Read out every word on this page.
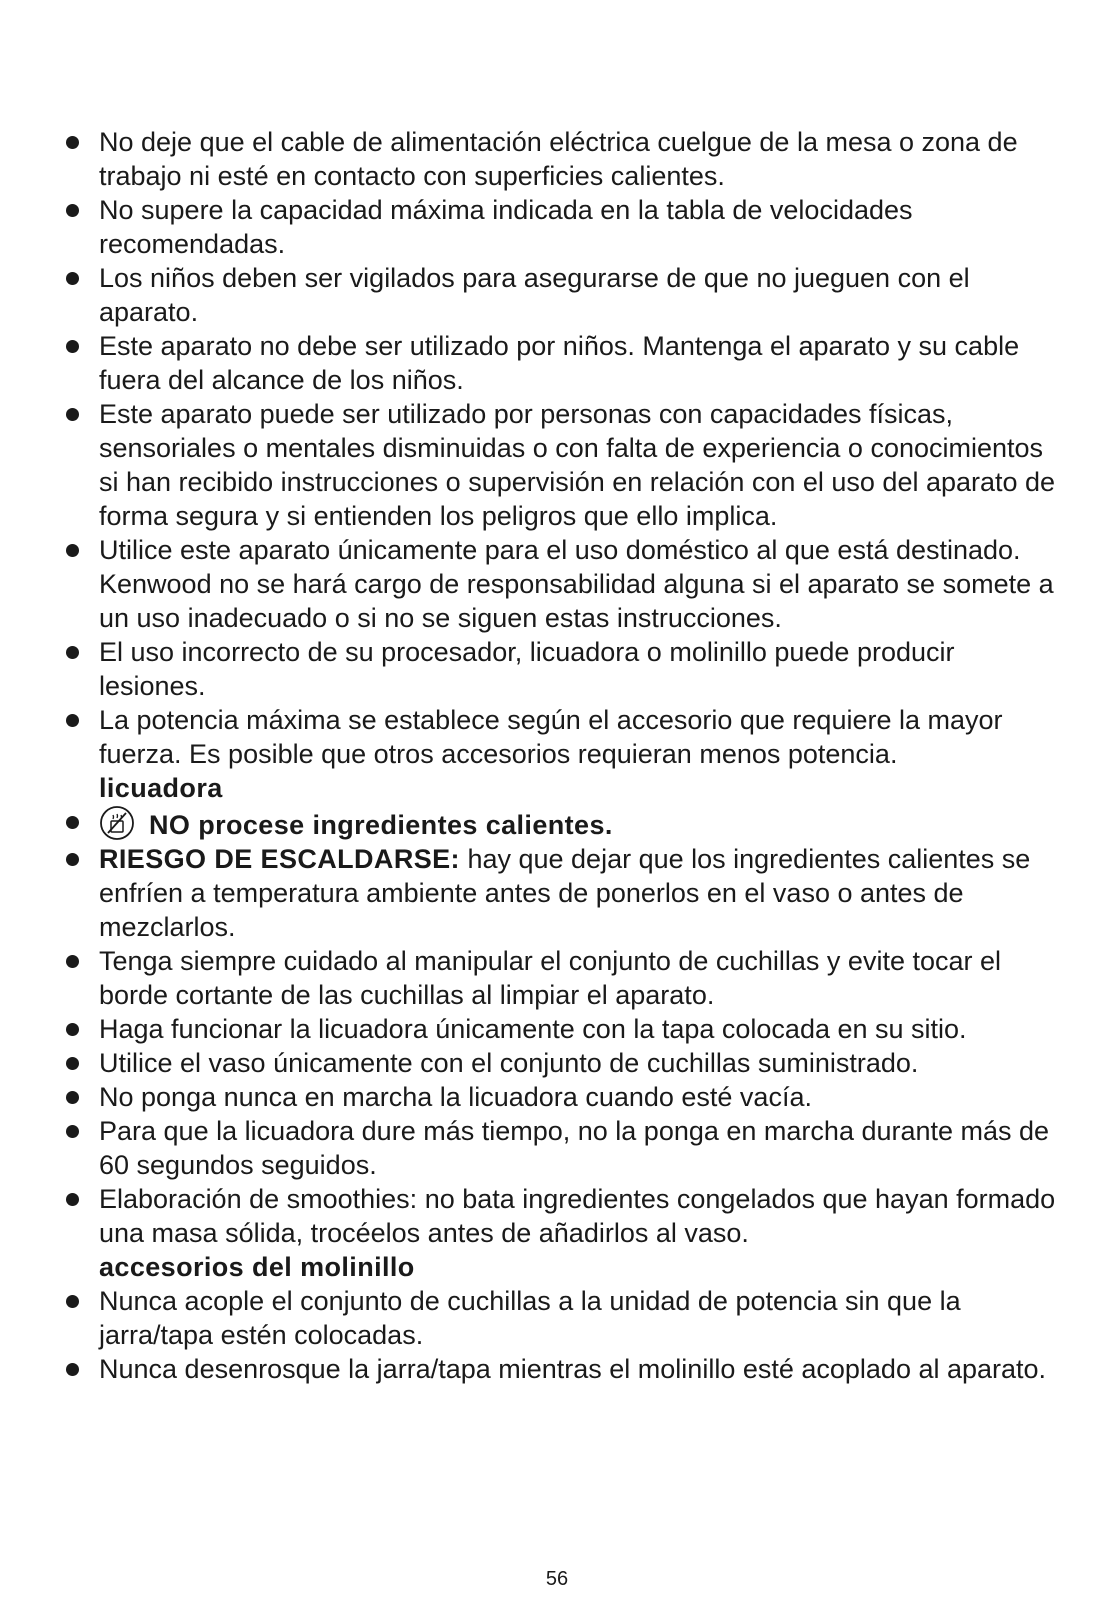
No deje que el cable de alimentación eléctrica cuelgue de la mesa o zona de trabajo ni esté en contacto con superficies calientes.
No supere la capacidad máxima indicada en la tabla de velocidades recomendadas.
Los niños deben ser vigilados para asegurarse de que no jueguen con el aparato.
Este aparato no debe ser utilizado por niños. Mantenga el aparato y su cable fuera del alcance de los niños.
Este aparato puede ser utilizado por personas con capacidades físicas, sensoriales o mentales disminuidas o con falta de experiencia o conocimientos si han recibido instrucciones o supervisión en relación con el uso del aparato de forma segura y si entienden los peligros que ello implica.
Utilice este aparato únicamente para el uso doméstico al que está destinado. Kenwood no se hará cargo de responsabilidad alguna si el aparato se somete a un uso inadecuado o si no se siguen estas instrucciones.
El uso incorrecto de su procesador, licuadora o molinillo puede producir lesiones.
La potencia máxima se establece según el accesorio que requiere la mayor fuerza. Es posible que otros accesorios requieran menos potencia.
licuadora
NO procese ingredientes calientes.
RIESGO DE ESCALDARSE: hay que dejar que los ingredientes calientes se enfríen a temperatura ambiente antes de ponerlos en el vaso o antes de mezclarlos.
Tenga siempre cuidado al manipular el conjunto de cuchillas y evite tocar el borde cortante de las cuchillas al limpiar el aparato.
Haga funcionar la licuadora únicamente con la tapa colocada en su sitio.
Utilice el vaso únicamente con el conjunto de cuchillas suministrado.
No ponga nunca en marcha la licuadora cuando esté vacía.
Para que la licuadora dure más tiempo, no la ponga en marcha durante más de 60 segundos seguidos.
Elaboración de smoothies: no bata ingredientes congelados que hayan formado una masa sólida, trocéelos antes de añadirlos al vaso.
accesorios del molinillo
Nunca acople el conjunto de cuchillas a la unidad de potencia sin que la jarra/tapa estén colocadas.
Nunca desenrosque la jarra/tapa mientras el molinillo esté acoplado al aparato.
56
